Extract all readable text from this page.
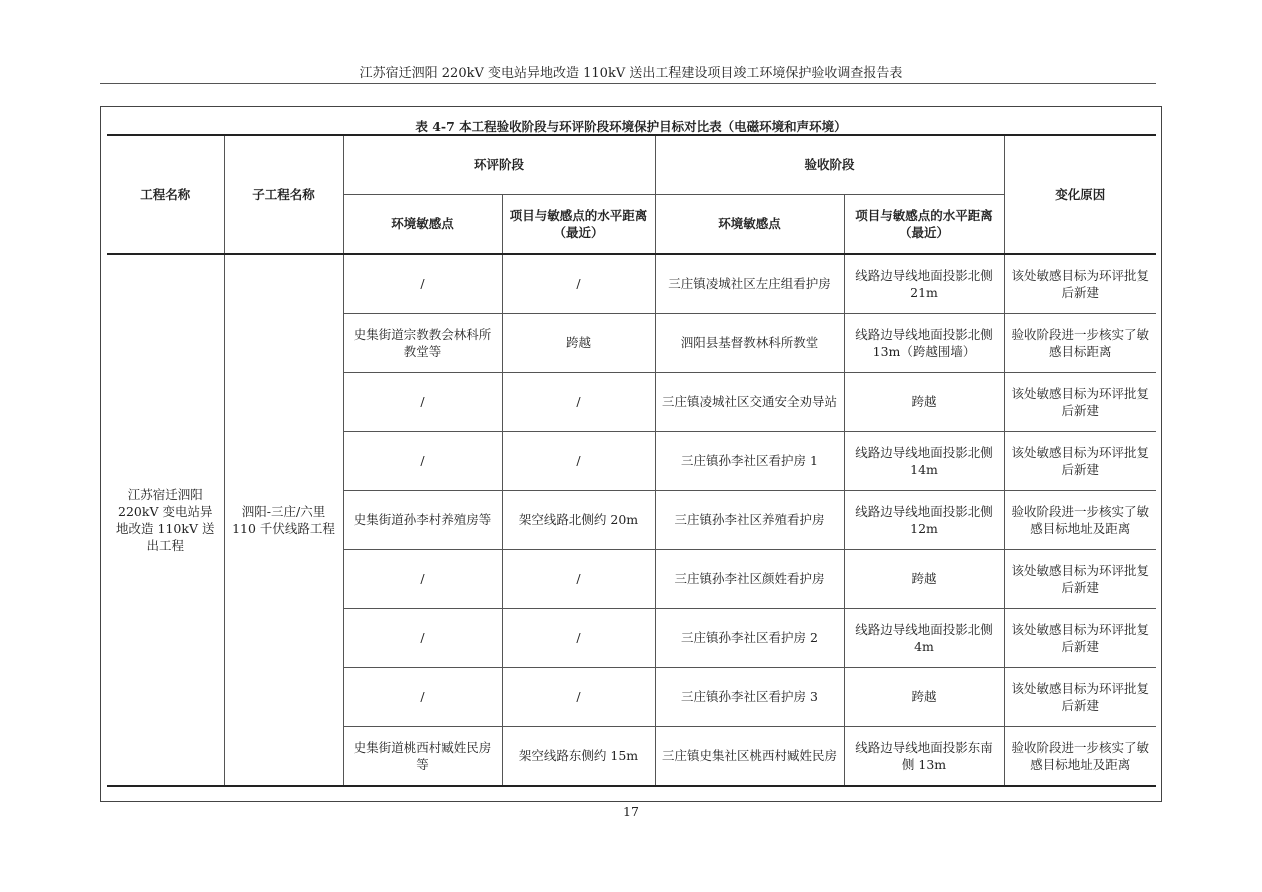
江苏宿迁泗阳 220kV 变电站异地改造 110kV 送出工程建设项目竣工环境保护验收调查报告表
表 4-7 本工程验收阶段与环评阶段环境保护目标对比表（电磁环境和声环境）
工程名称	子工程名称	环评阶段		验收阶段		变化原因
		环境敏感点	项目与敏感点的水平距离（最近）	环境敏感点	项目与敏感点的水平距离（最近）	
江苏宿迁泗阳 220kV 变电站异地改造 110kV 送出工程	泗阳-三庄/六里 110 千伏线路工程	/	/	三庄镇凌城社区左庄组看护房	线路边导线地面投影北侧 21m	该处敏感目标为环评批复后新建
		史集街道宗教教会林科所教堂等	跨越	泗阳县基督教林科所教堂	线路边导线地面投影北侧 13m（跨越围墙）	验收阶段进一步核实了敏感目标距离
		/	/	三庄镇凌城社区交通安全劝导站	跨越	该处敏感目标为环评批复后新建
		/	/	三庄镇孙李社区看护房 1	线路边导线地面投影北侧 14m	该处敏感目标为环评批复后新建
		史集街道孙李村养殖房等	架空线路北侧约 20m	三庄镇孙李社区养殖看护房	线路边导线地面投影北侧 12m	验收阶段进一步核实了敏感目标地址及距离
		/	/	三庄镇孙李社区颜姓看护房	跨越	该处敏感目标为环评批复后新建
		/	/	三庄镇孙李社区看护房 2	线路边导线地面投影北侧 4m	该处敏感目标为环评批复后新建
		/	/	三庄镇孙李社区看护房 3	跨越	该处敏感目标为环评批复后新建
		史集街道桃西村臧姓民房等	架空线路东侧约 15m	三庄镇史集社区桃西村臧姓民房	线路边导线地面投影东南侧 13m	验收阶段进一步核实了敏感目标地址及距离
17
